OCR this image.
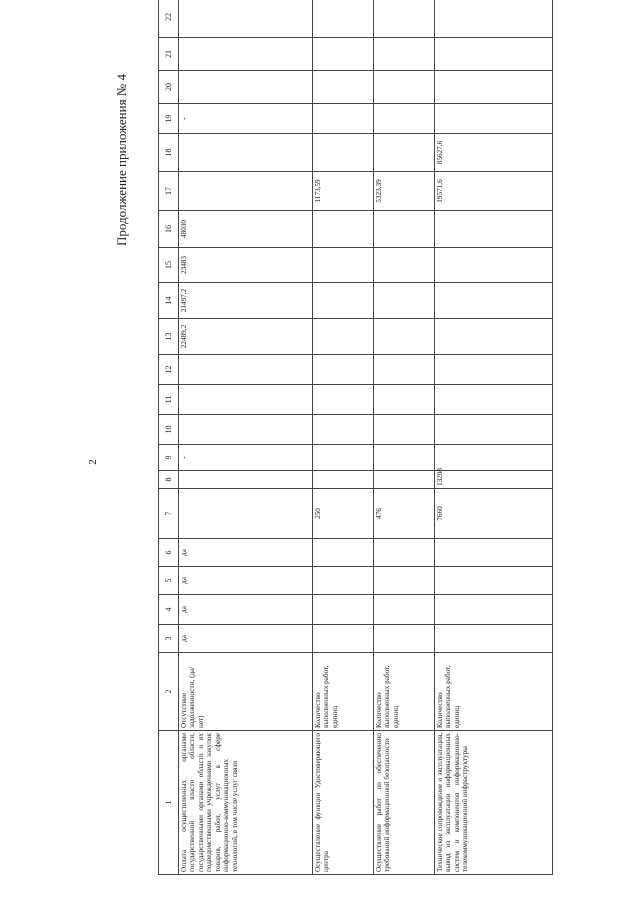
2
Продолжение приложения № 4
1	2	3	4	5	6	7	8	9	10	11	12	13	14	15	16	17	18	19	20	21	22
Оплата осуществленных органами государственной власти области, государственными органами области и их подведомственными учреждениями закупок товаров, работ, услуг в сфере информационно-коммуникационных технологий, в том числе услуг связи	Отсутствие задолженности, (да/нет)	да	да	да	да			-				22489,2	21497,2	23483	48030			-			
Осуществление функции Удостоверяющего центра	Количество выполненных работ, единиц					250										1173,59					
Осуществление работ по обеспечению требований информационной безопасности	Количество выполненных работ, единиц					476										5323,39					
Техническое сопровождение и эксплуатация, вывод из эксплуатации информационных систем и компонентов информационно-телекоммуникационной инфраструктуры	Количество выполненных работ, единиц					7660	13208									19571,6	85627,6				
